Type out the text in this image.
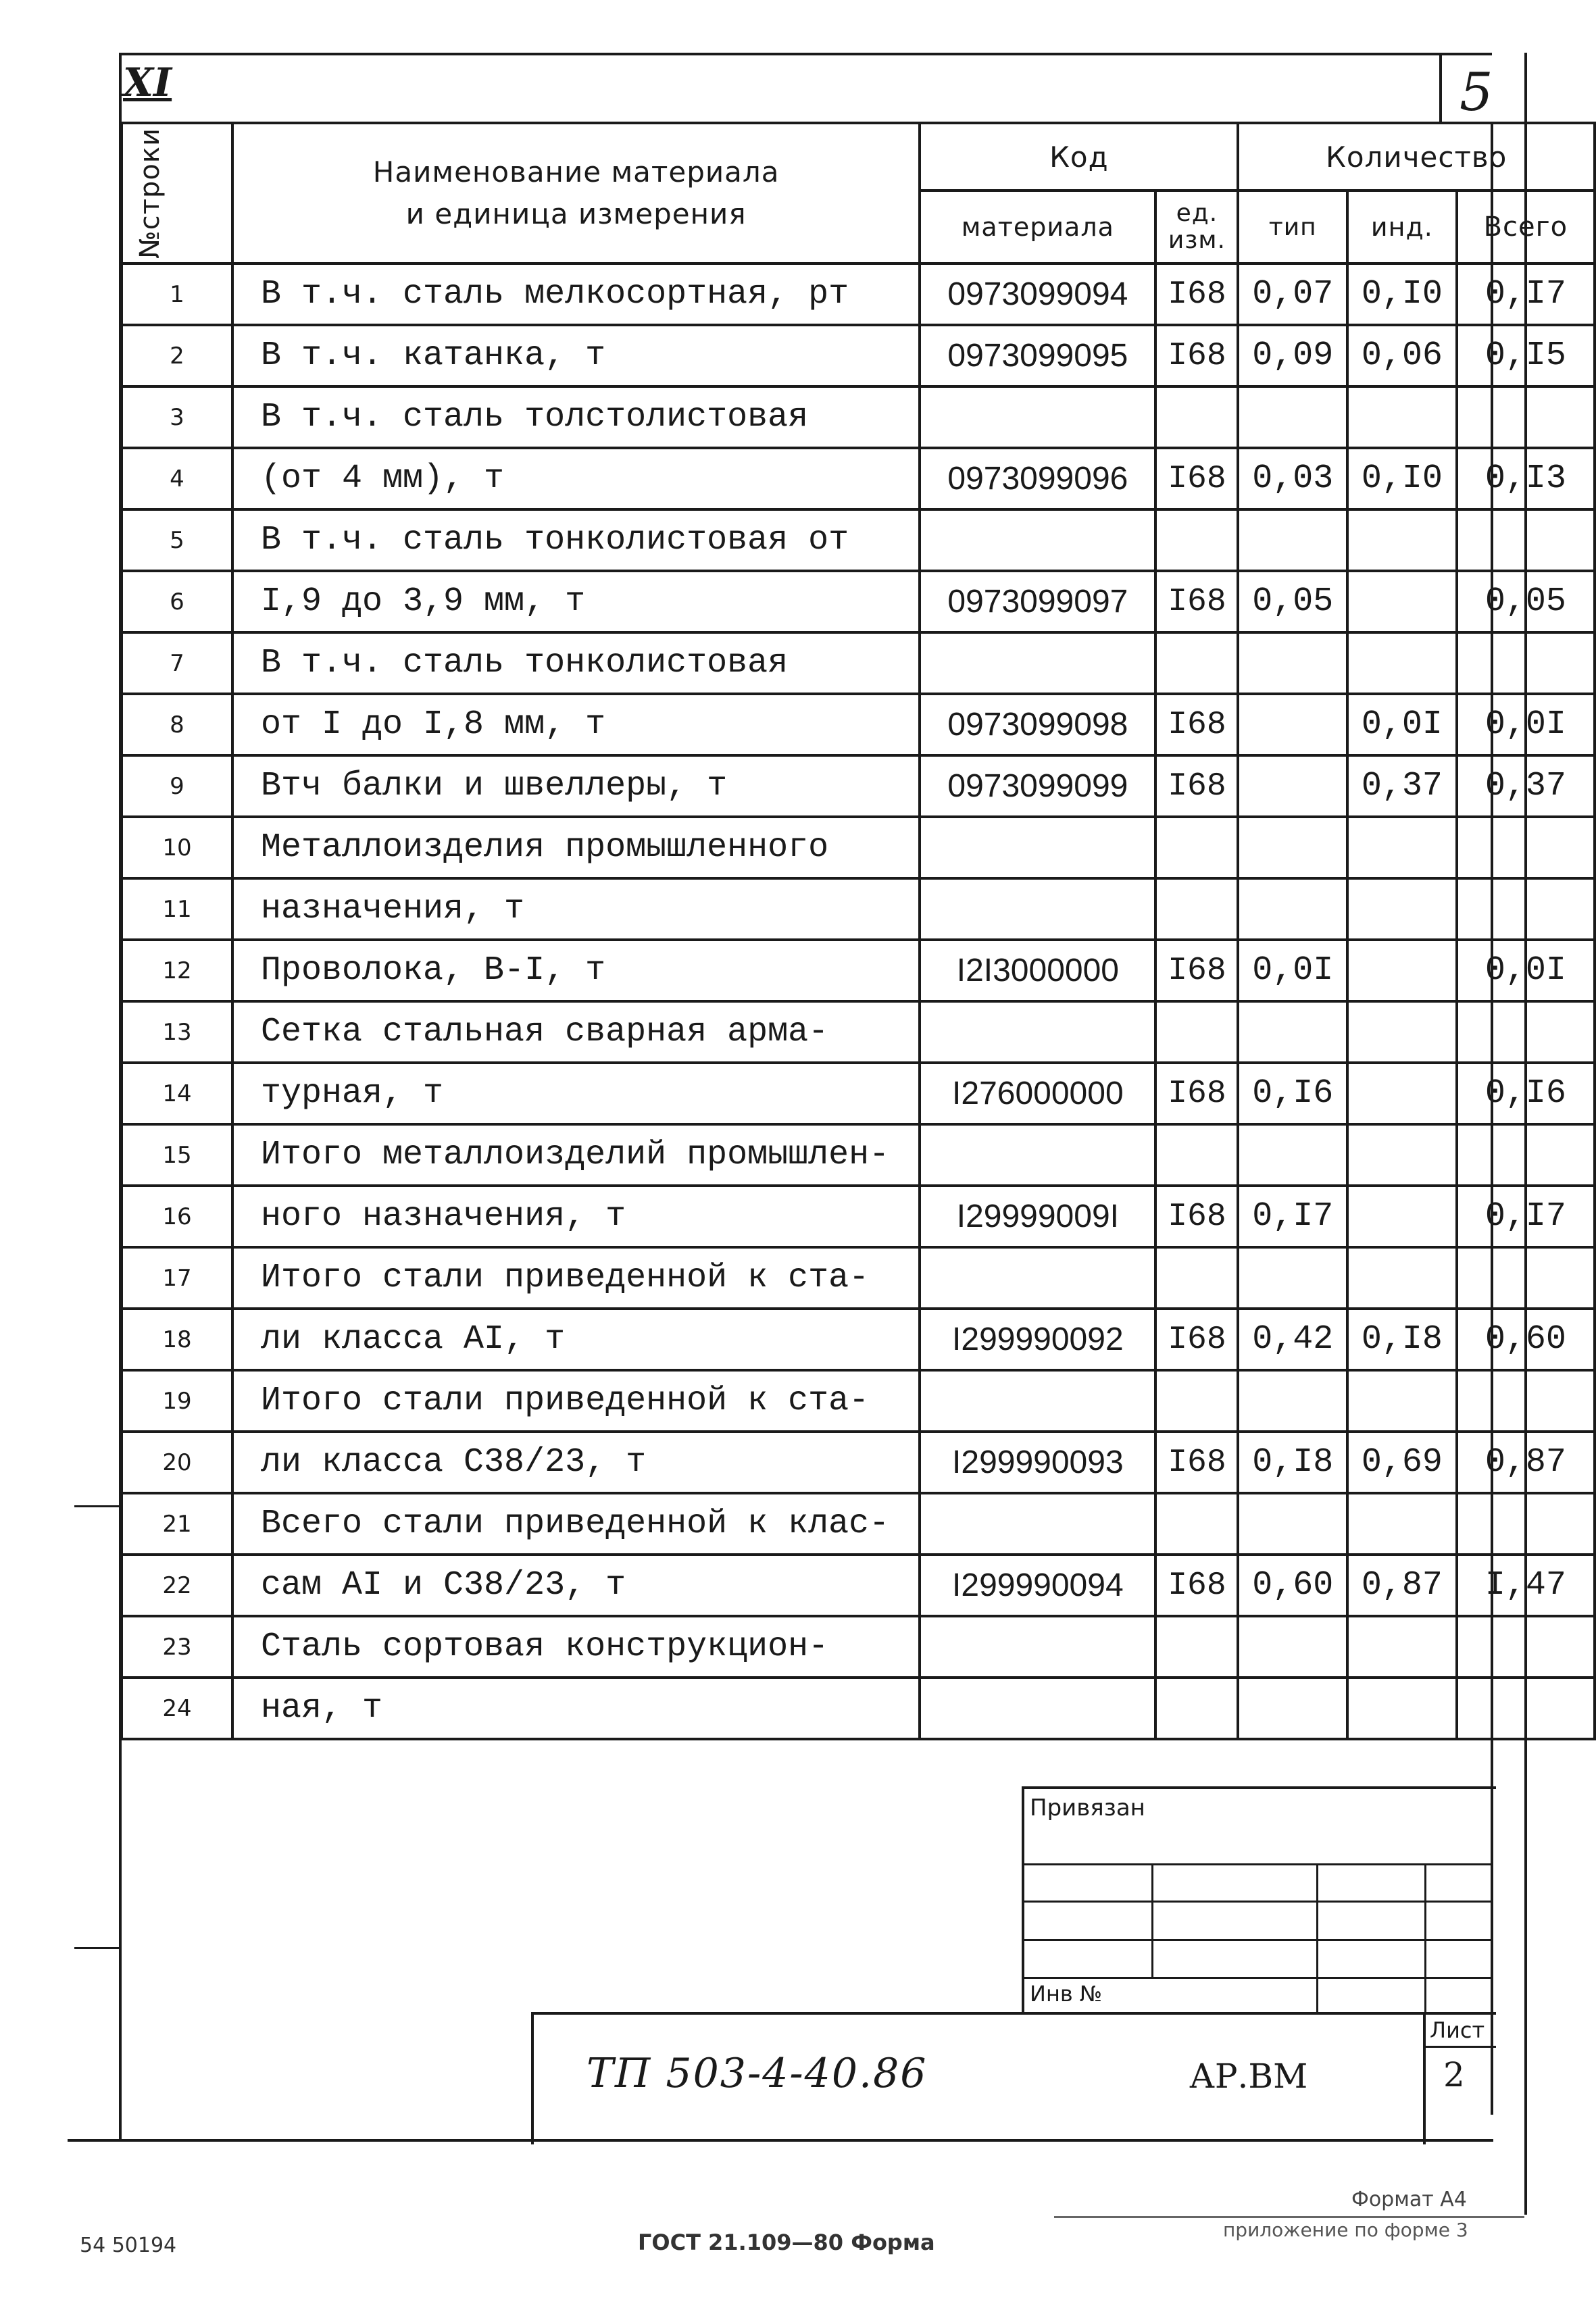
XI	5
№строки	Наименование материала
и единица измерения	Код		Количество		
		материала	ед.
изм.	тип	инд.	Всего
1	В т.ч. сталь мелкосортная, рт	0973099094	I68	0,07	0,I0	0,I7
2	В т.ч. катанка, т	0973099095	I68	0,09	0,06	0,I5
3	В т.ч. сталь толстолистовая					
4	(от 4 мм), т	0973099096	I68	0,03	0,I0	0,I3
5	В т.ч. сталь тонколистовая от					
6	I,9 до 3,9 мм, т	0973099097	I68	0,05		0,05
7	В т.ч. сталь тонколистовая					
8	от I до I,8 мм, т	0973099098	I68		0,0I	0,0I
9	Втч балки и швеллеры, т	0973099099	I68		0,37	0,37
10	Металлоизделия промышленного					
11	назначения, т					
12	Проволока, В-I, т	I2I3000000	I68	0,0I		0,0I
13	Сетка стальная сварная арма-					
14	турная, т	I276000000	I68	0,I6		0,I6
15	Итого металлоизделий промышлен-					
16	ного назначения, т	I29999009I	I68	0,I7		0,I7
17	Итого стали приведенной к ста-					
18	ли класса АI, т	I299990092	I68	0,42	0,I8	0,60
19	Итого стали приведенной к ста-					
20	ли класса С38/23, т	I299990093	I68	0,I8	0,69	0,87
21	Всего стали приведенной к клас-					
22	сам АI и С38/23, т	I299990094	I68	0,60	0,87	I,47
23	Сталь сортовая конструкцион-					
24	ная, т					
Привязан
Инв №
ТП 503-4-40.86	АР.ВМ
Лист
2
Формат А4
приложение по форме 3
ГОСТ 21.109—80 Форма
54 50194
